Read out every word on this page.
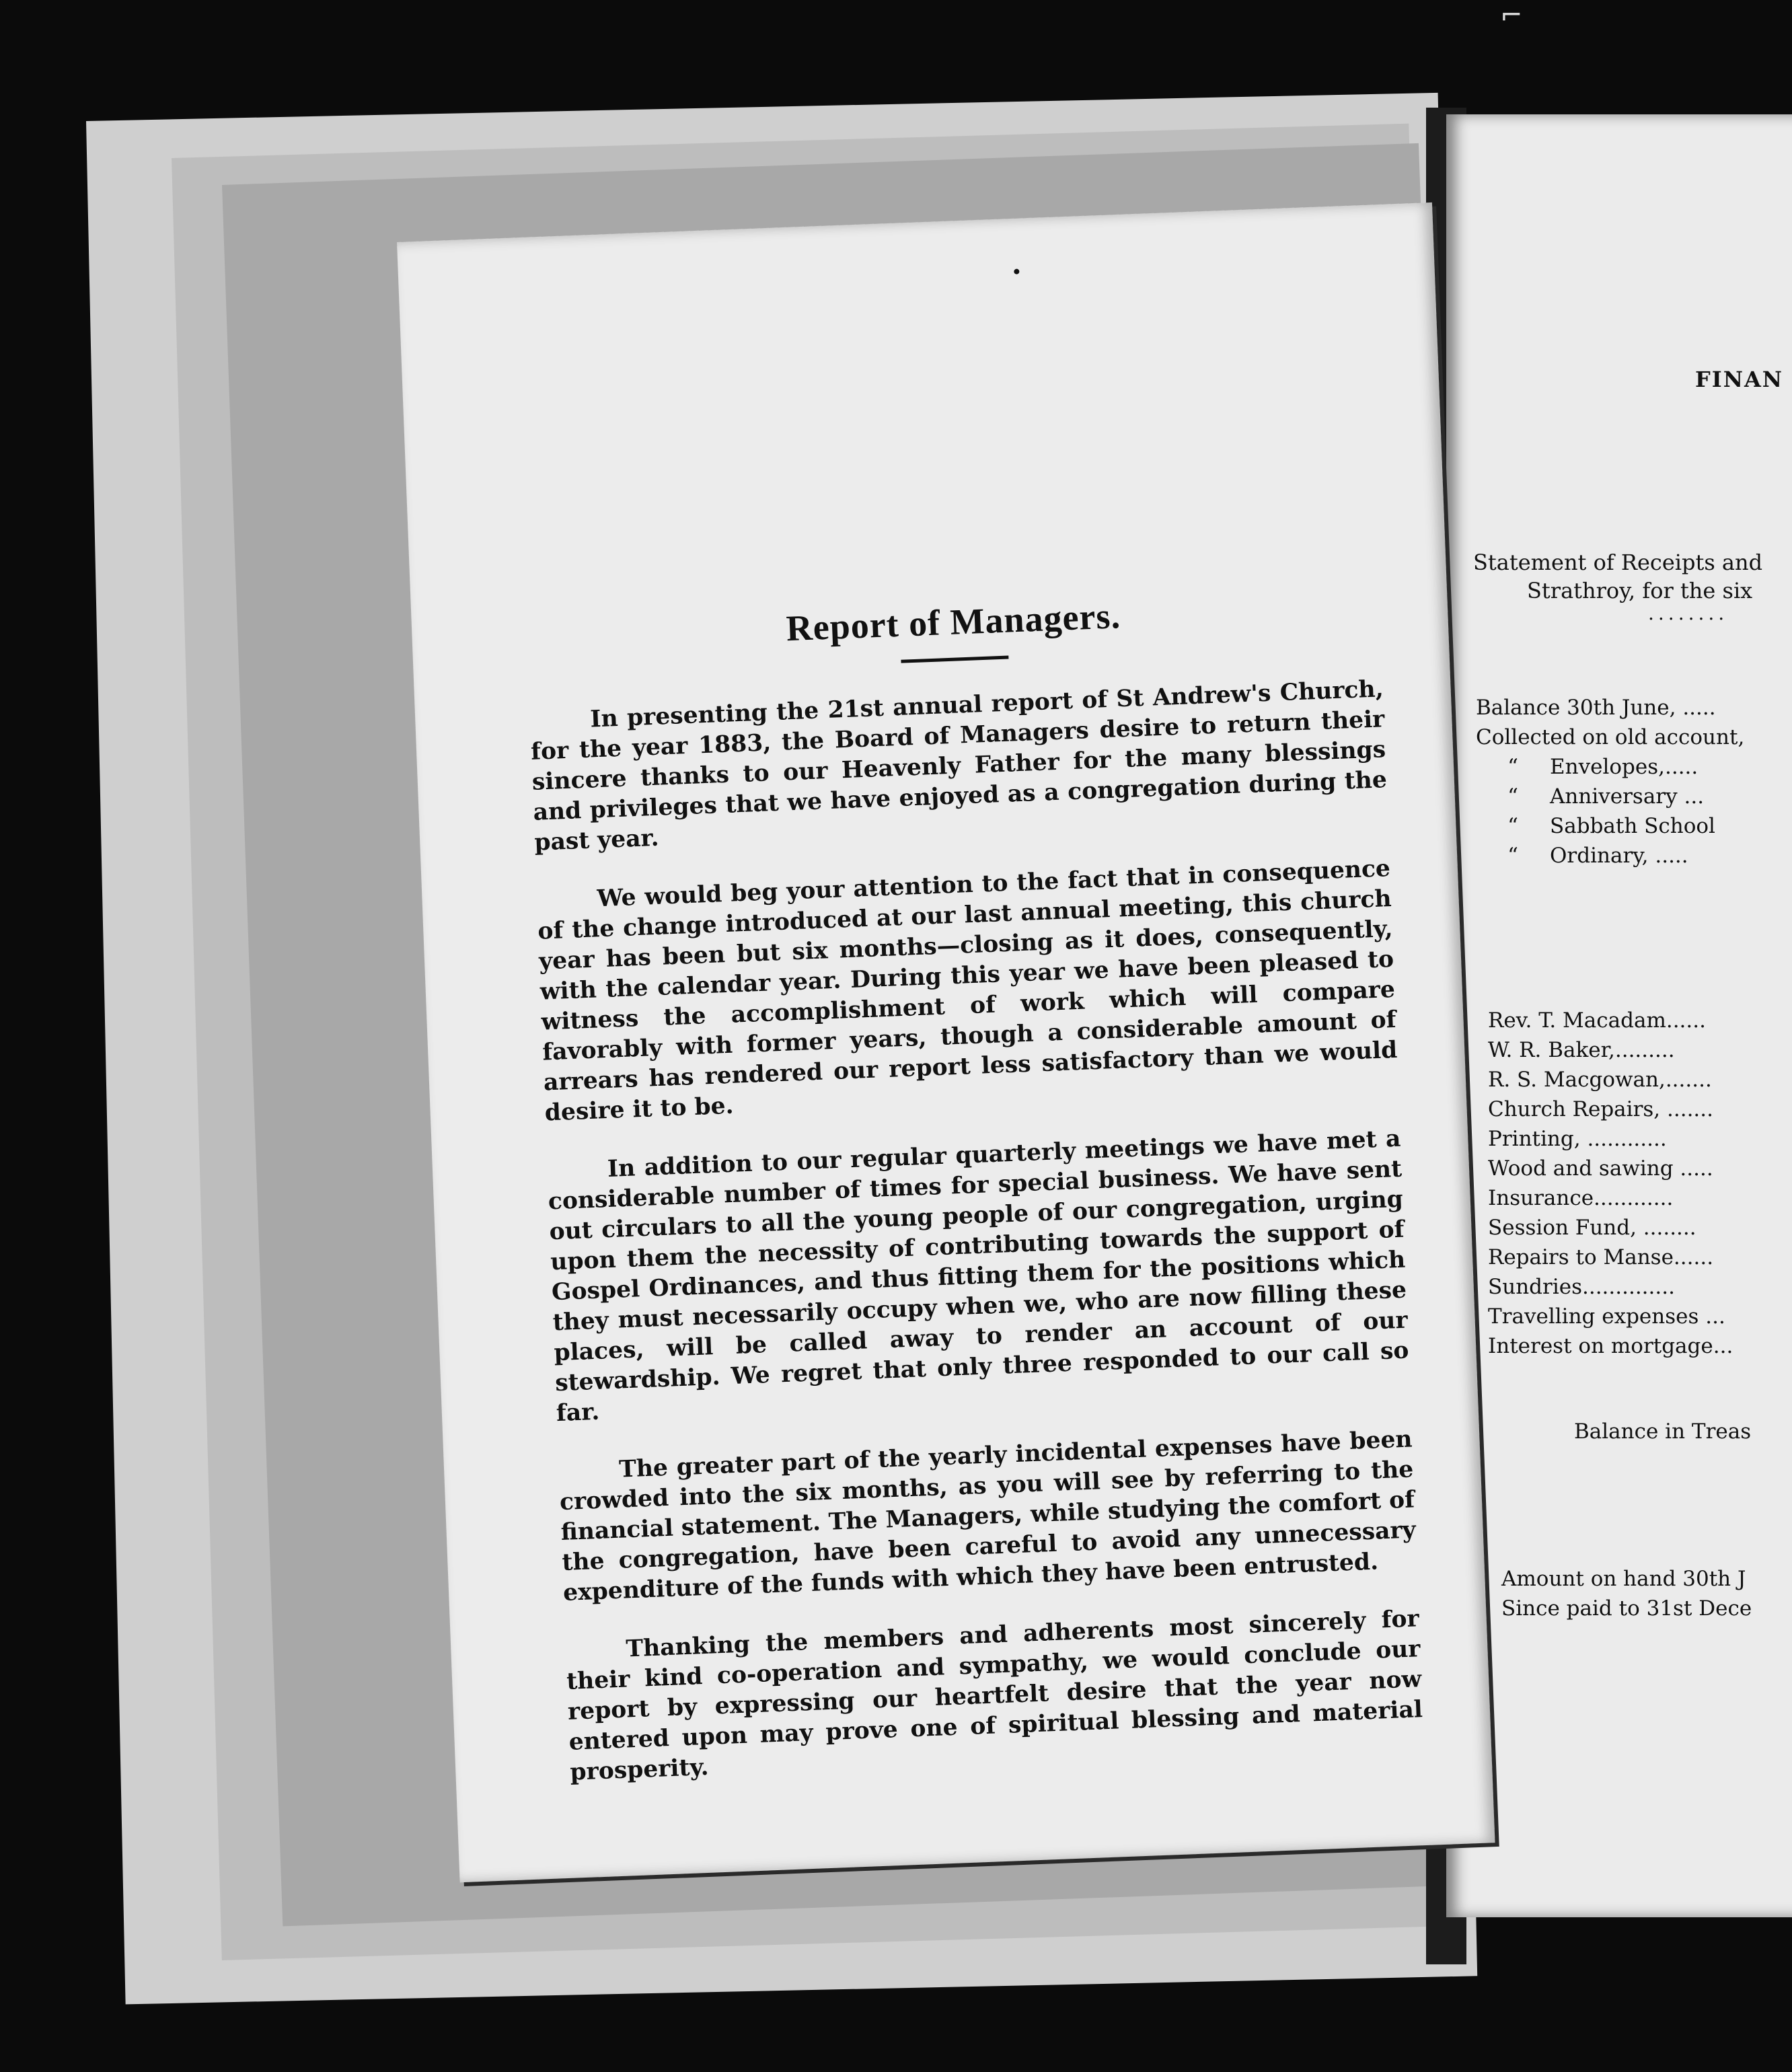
FINAN
Statement of Receipts and
Strathroy, for the six
........
Balance 30th June, .....
Collected on old account,
“ Envelopes,.....
“ Anniversary ...
“ Sabbath School
“ Ordinary, .....
Rev. T. Macadam......
W. R. Baker,.........
R. S. Macgowan,.......
Church Repairs, .......
Printing, ............
Wood and sawing .....
Insurance............
Session Fund, ........
Repairs to Manse......
Sundries..............
Travelling expenses ...
Interest on mortgage...
Balance in Treas
Amount on hand 30th J
Since paid to 31st Dece
Report of Managers.

In presenting the 21st annual report of St Andrew's Church, for the year 1883, the Board of Managers desire to return their sincere thanks to our Heavenly Father for the many blessings and privileges that we have enjoyed as a congregation during the past year.

We would beg your attention to the fact that in consequence of the change introduced at our last annual meeting, this church year has been but six months—closing as it does, consequently, with the calendar year. During this year we have been pleased to witness the accomplishment of work which will compare favorably with former years, though a considerable amount of arrears has rendered our report less satisfactory than we would desire it to be.

In addition to our regular quarterly meetings we have met a considerable number of times for special business. We have sent out circulars to all the young people of our congregation, urging upon them the necessity of contributing towards the support of Gospel Ordinances, and thus fitting them for the positions which they must necessarily occupy when we, who are now filling these places, will be called away to render an account of our stewardship. We regret that only three responded to our call so far.

The greater part of the yearly incidental expenses have been crowded into the six months, as you will see by referring to the financial statement. The Managers, while studying the comfort of the congregation, have been careful to avoid any unnecessary expenditure of the funds with which they have been entrusted.

Thanking the members and adherents most sincerely for their kind co-operation and sympathy, we would conclude our report by expressing our heartfelt desire that the year now entered upon may prove one of spiritual blessing and material prosperity.

⌐
